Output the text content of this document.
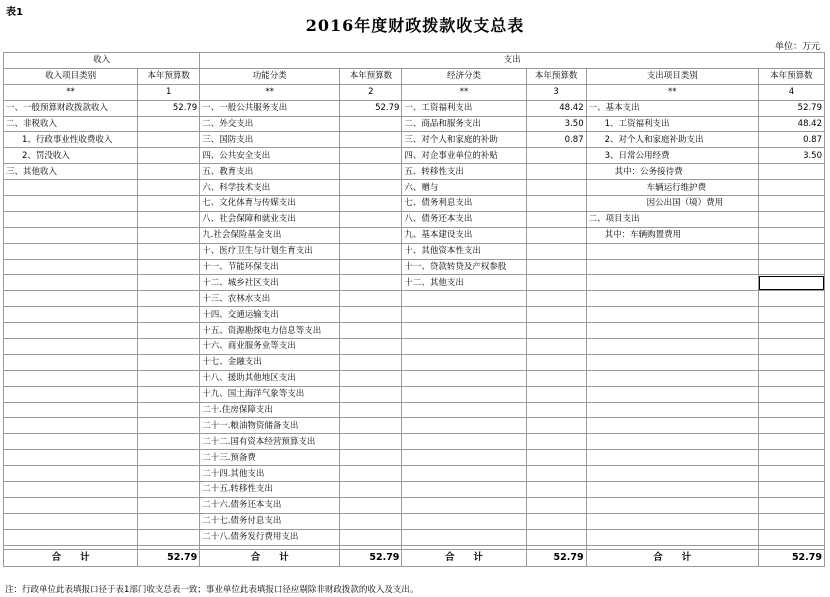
表1
2016年度财政拨款收支总表
单位：万元
收入		支出					
收入项目类别	本年预算数	功能分类	本年预算数	经济分类	本年预算数	支出项目类别	本年预算数
**	1	**	2	**	3	**	4
一、一般预算财政拨款收入	52.79	一、一般公共服务支出	52.79	一、工资福利支出	48.42	一、基本支出	52.79
二、非税收入		二、外交支出		二、商品和服务支出	3.50	1、工资福利支出	48.42
1、行政事业性收费收入		三、国防支出		三、对个人和家庭的补助	0.87	2、对个人和家庭补助支出	0.87
2、罚没收入		四、公共安全支出		四、对企事业单位的补贴		3、日常公用经费	3.50
三、其他收入		五、教育支出		五、转移性支出		其中：公务接待费	
		六、科学技术支出		六、赠与		车辆运行维护费	
		七、文化体育与传媒支出		七、债务利息支出		因公出国（境）费用	
		八、社会保障和就业支出		八、债务还本支出		二、项目支出	
		九.社会保险基金支出		九、基本建设支出		其中：车辆购置费用	
		十、医疗卫生与计划生育支出		十、其他资本性支出			
		十一、节能环保支出		十一、贷款转贷及产权参股			
		十二、城乡社区支出		十二、其他支出			
		十三、农林水支出					
		十四、交通运输支出					
		十五、资源勘探电力信息等支出					
		十六、商业服务业等支出					
		十七、金融支出					
		十八、援助其他地区支出					
		十九、国土海洋气象等支出					
		二十.住房保障支出					
		二十一.粮油物资储备支出					
		二十二.国有资本经营预算支出					
		二十三.预备费					
		二十四.其他支出					
		二十五.转移性支出					
		二十六.债务还本支出					
		二十七.债务付息支出					
		二十八.债务发行费用支出					

合　　计	52.79	合　　计	52.79	合　　计	52.79	合　　计	52.79
注：行政单位此表填报口径于表1部门收支总表一致；事业单位此表填报口径应剔除非财政拨款的收入及支出。
